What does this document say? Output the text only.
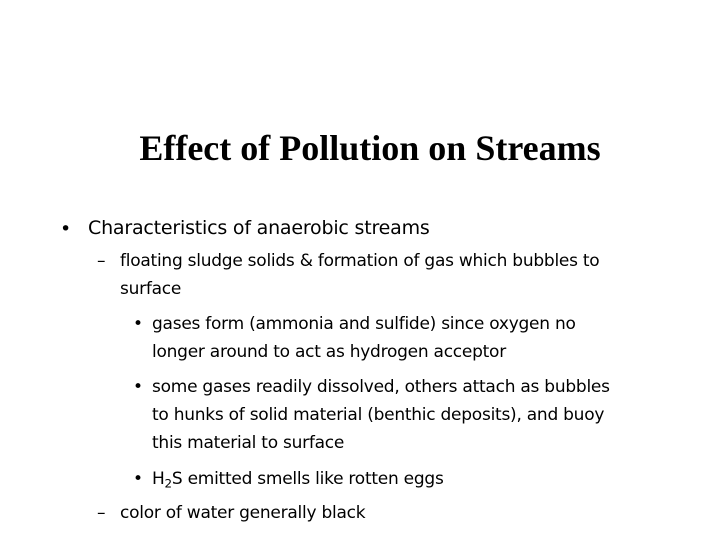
Effect of Pollution on Streams
• Characteristics of anaerobic streams
– floating sludge solids & formation of gas which bubbles to
surface
• gases form (ammonia and sulfide) since oxygen no
longer around to act as hydrogen acceptor
• some gases readily dissolved, others attach as bubbles
to hunks of solid material (benthic deposits), and buoy
this material to surface
• $H_2S$ emitted smells like rotten eggs
– color of water generally black
